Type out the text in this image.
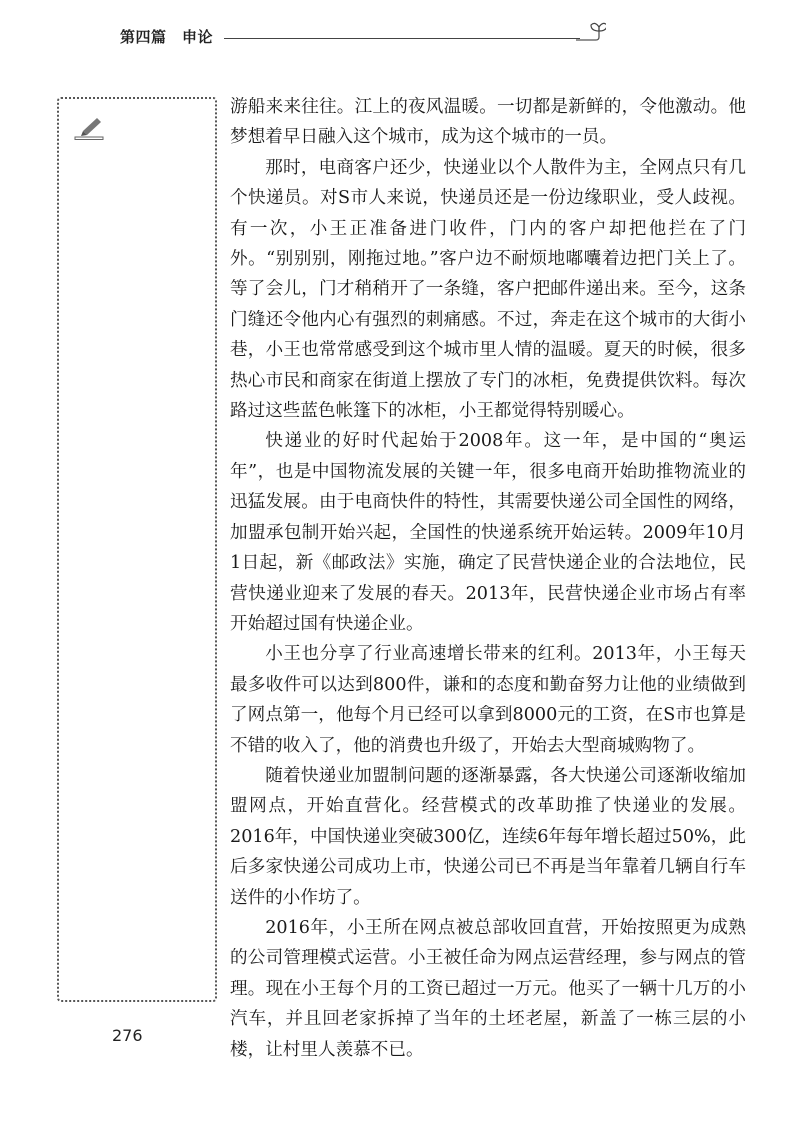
第四篇　申论

游船来来往往。江上的夜风温暖。一切都是新鲜的，令他激动。他梦想着早日融入这个城市，成为这个城市的一员。

那时，电商客户还少，快递业以个人散件为主，全网点只有几个快递员。对S市人来说，快递员还是一份边缘职业，受人歧视。有一次，小王正准备进门收件，门内的客户却把他拦在了门外。“别别别，刚拖过地。”客户边不耐烦地嘟囔着边把门关上了。等了会儿，门才稍稍开了一条缝，客户把邮件递出来。至今，这条门缝还令他内心有强烈的刺痛感。不过，奔走在这个城市的大街小巷，小王也常常感受到这个城市里人情的温暖。夏天的时候，很多热心市民和商家在街道上摆放了专门的冰柜，免费提供饮料。每次路过这些蓝色帐篷下的冰柜，小王都觉得特别暖心。

快递业的好时代起始于2008年。这一年，是中国的“奥运年”，也是中国物流发展的关键一年，很多电商开始助推物流业的迅猛发展。由于电商快件的特性，其需要快递公司全国性的网络，加盟承包制开始兴起，全国性的快递系统开始运转。2009年10月1日起，新《邮政法》实施，确定了民营快递企业的合法地位，民营快递业迎来了发展的春天。2013年，民营快递企业市场占有率开始超过国有快递企业。

小王也分享了行业高速增长带来的红利。2013年，小王每天最多收件可以达到800件，谦和的态度和勤奋努力让他的业绩做到了网点第一，他每个月已经可以拿到8000元的工资，在S市也算是不错的收入了，他的消费也升级了，开始去大型商城购物了。

随着快递业加盟制问题的逐渐暴露，各大快递公司逐渐收缩加盟网点，开始直营化。经营模式的改革助推了快递业的发展。2016年，中国快递业突破300亿，连续6年每年增长超过50%，此后多家快递公司成功上市，快递公司已不再是当年靠着几辆自行车送件的小作坊了。

2016年，小王所在网点被总部收回直营，开始按照更为成熟的公司管理模式运营。小王被任命为网点运营经理，参与网点的管理。现在小王每个月的工资已超过一万元。他买了一辆十几万的小汽车，并且回老家拆掉了当年的土坯老屋，新盖了一栋三层的小楼，让村里人羡慕不已。

276
